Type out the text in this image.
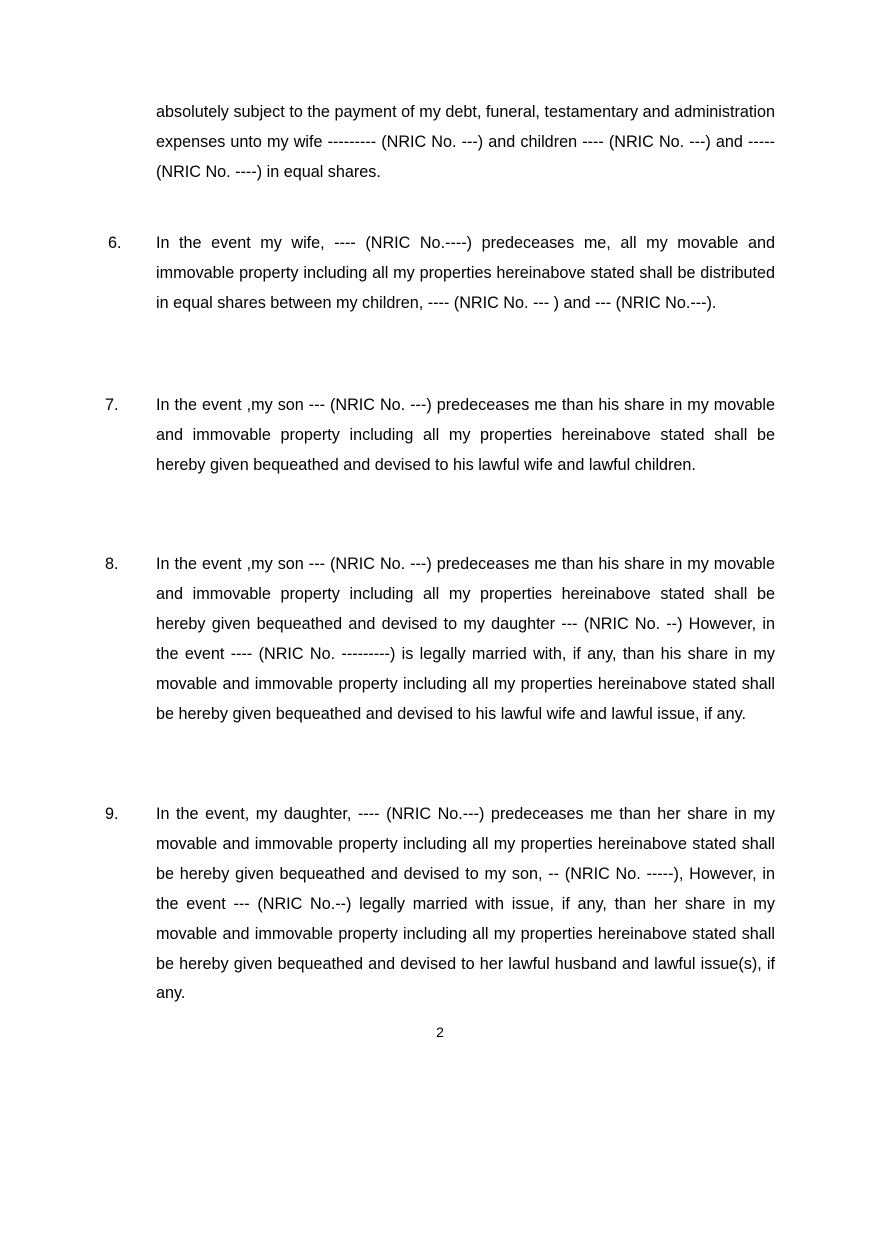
absolutely subject to the payment of my debt, funeral, testamentary and administration expenses unto my wife --------- (NRIC No. ---) and children ---- (NRIC No. ---) and ----- (NRIC No. ----) in equal shares.

6. In the event my wife, ---- (NRIC No.----) predeceases me, all my movable and immovable property including all my properties hereinabove stated shall be distributed in equal shares between my children, ---- (NRIC No. --- ) and --- (NRIC No.---).

7. In the event ,my son --- (NRIC No. ---) predeceases me than his share in my movable and immovable property including all my properties hereinabove stated shall be hereby given bequeathed and devised to his lawful wife and lawful children.

8. In the event ,my son --- (NRIC No. ---) predeceases me than his share in my movable and immovable property including all my properties hereinabove stated shall be hereby given bequeathed and devised to my daughter --- (NRIC No. --) However, in the event ---- (NRIC No. ---------) is legally married with, if any, than his share in my movable and immovable property including all my properties hereinabove stated shall be hereby given bequeathed and devised to his lawful wife and lawful issue, if any.

9. In the event, my daughter, ---- (NRIC No.---) predeceases me than her share in my movable and immovable property including all my properties hereinabove stated shall be hereby given bequeathed and devised to my son, -- (NRIC No. -----), However, in the event --- (NRIC No.--) legally married with issue, if any, than her share in my movable and immovable property including all my properties hereinabove stated shall be hereby given bequeathed and devised to her lawful husband and lawful issue(s), if any.

2
